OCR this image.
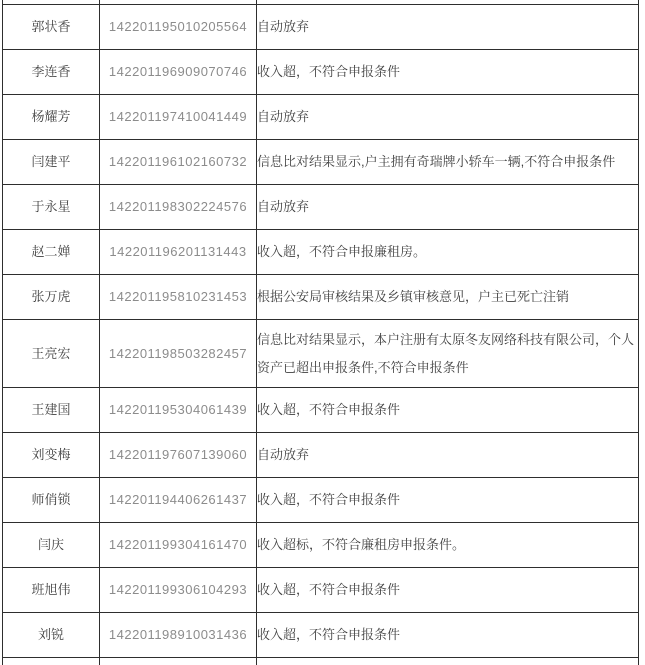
郭状香	142201195010205564	自动放弃
李连香	142201196909070746	收入超，不符合申报条件
杨耀芳	142201197410041449	自动放弃
闫建平	142201196102160732	信息比对结果显示,户主拥有奇瑞牌小轿车一辆,不符合申报条件
于永星	142201198302224576	自动放弃
赵二婵	142201196201131443	收入超，不符合申报廉租房。
张万虎	142201195810231453	根据公安局审核结果及乡镇审核意见，户主已死亡注销
王亮宏	142201198503282457	信息比对结果显示，本户注册有太原冬友网络科技有限公司，个人资产已超出申报条件,不符合申报条件
王建国	142201195304061439	收入超，不符合申报条件
刘变梅	142201197607139060	自动放弃
师俏锁	142201194406261437	收入超，不符合申报条件
闫庆	142201199304161470	收入超标，不符合廉租房申报条件。
班旭伟	142201199306104293	收入超，不符合申报条件
刘锐	142201198910031436	收入超，不符合申报条件
